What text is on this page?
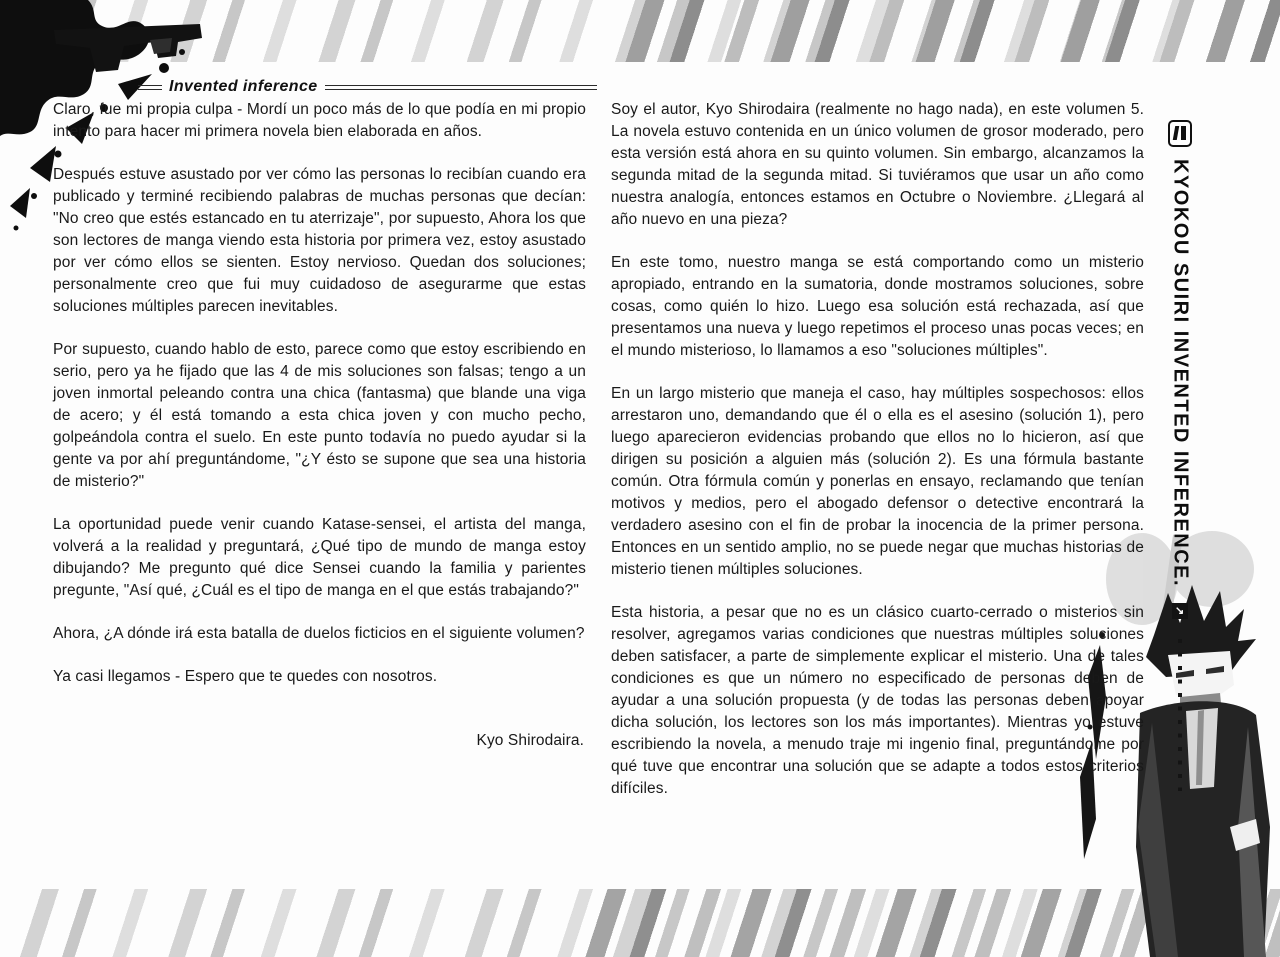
Invented inference

Claro, fue mi propia culpa - Mordí un poco más de lo que podía en mi propio intento para hacer mi primera novela bien elaborada en años.

Después estuve asustado por ver cómo las personas lo recibían cuando era publicado y terminé recibiendo palabras de muchas personas que decían: "No creo que estés estancado en tu aterrizaje", por supuesto, Ahora los que son lectores de manga viendo esta historia por primera vez, estoy asustado por ver cómo ellos se sienten. Estoy nervioso. Quedan dos soluciones; personalmente creo que fui muy cuidadoso de asegurarme que estas soluciones múltiples parecen inevitables.

Por supuesto, cuando hablo de esto, parece como que estoy escribiendo en serio, pero ya he fijado que las 4 de mis soluciones son falsas; tengo a un joven inmortal peleando contra una chica (fantasma) que blande una viga de acero; y él está tomando a esta chica joven y con mucho pecho, golpeándola contra el suelo. En este punto todavía no puedo ayudar si la gente va por ahí preguntándome, "¿Y ésto se supone que sea una historia de misterio?"

La oportunidad puede venir cuando Katase-sensei, el artista del manga, volverá a la realidad y preguntará, ¿Qué tipo de mundo de manga estoy dibujando? Me pregunto qué dice Sensei cuando la familia y parientes pregunte, "Así qué, ¿Cuál es el tipo de manga en el que estás trabajando?"

Ahora, ¿A dónde irá esta batalla de duelos ficticios en el siguiente volumen?

Ya casi llegamos - Espero que te quedes con nosotros.

Kyo Shirodaira.

Soy el autor, Kyo Shirodaira (realmente no hago nada), en este volumen 5. La novela estuvo contenida en un único volumen de grosor moderado, pero esta versión está ahora en su quinto volumen. Sin embargo, alcanzamos la segunda mitad de la segunda mitad. Si tuviéramos que usar un año como nuestra analogía, entonces estamos en Octubre o Noviembre. ¿Llegará al año nuevo en una pieza?

En este tomo, nuestro manga se está comportando como un misterio apropiado, entrando en la sumatoria, donde mostramos soluciones, sobre cosas, como quién lo hizo. Luego esa solución está rechazada, así que presentamos una nueva y luego repetimos el proceso unas pocas veces; en el mundo misterioso, lo llamamos a eso "soluciones múltiples".

En un largo misterio que maneja el caso, hay múltiples sospechosos: ellos arrestaron uno, demandando que él o ella es el asesino (solución 1), pero luego aparecieron evidencias probando que ellos no lo hicieron, así que dirigen su posición a alguien más (solución 2). Es una fórmula bastante común. Otra fórmula común y ponerlas en ensayo, reclamando que tenían motivos y medios, pero el abogado defensor o detective encontrará la verdadero asesino con el fin de probar la inocencia de la primer persona. Entonces en un sentido amplio, no se puede negar que muchas historias de misterio tienen múltiples soluciones.

Esta historia, a pesar que no es un clásico cuarto-cerrado o misterios sin resolver, agregamos varias condiciones que nuestras múltiples soluciones deben satisfacer, a parte de simplemente explicar el misterio. Una de tales condiciones es que un número no especificado de personas deben de ayudar a una solución propuesta (y de todas las personas deben apoyar dicha solución, los lectores son los más importantes). Mientras yo estuve escribiendo la novela, a menudo traje mi ingenio final, preguntándome por qué tuve que encontrar una solución que se adapte a todos estos criterios difíciles.

KYOKOU SUIRI INVENTED INFERENCE.
↘
